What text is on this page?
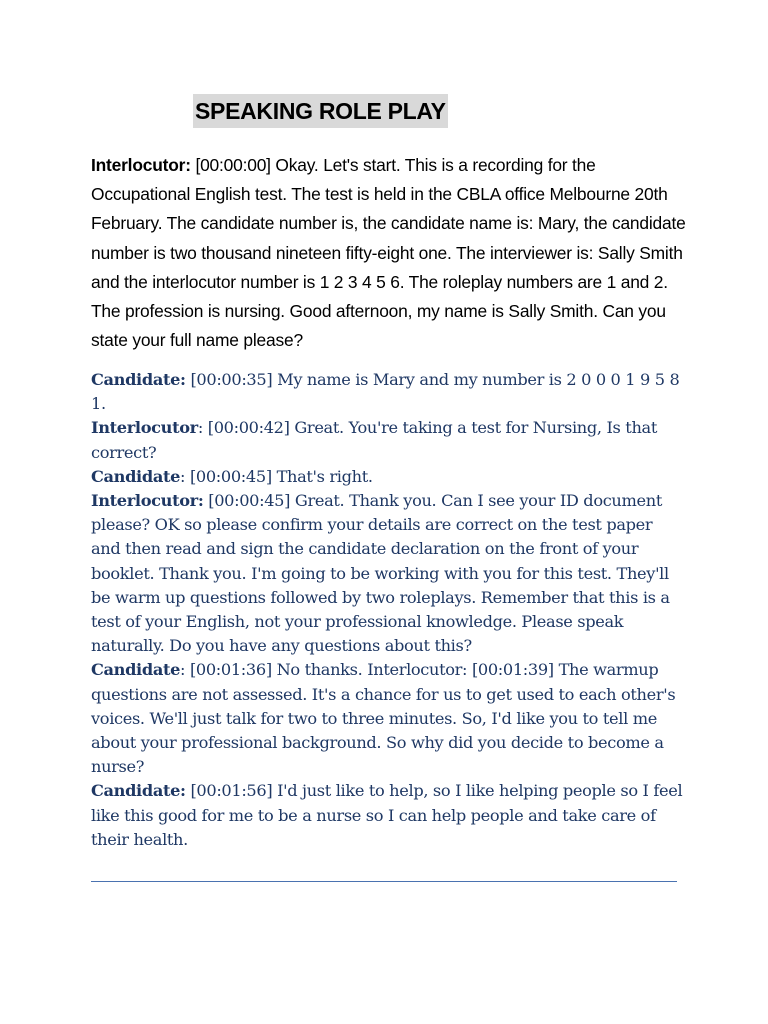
SPEAKING ROLE PLAY
Interlocutor: [00:00:00] Okay. Let's start. This is a recording for the Occupational English test. The test is held in the CBLA office Melbourne 20th February. The candidate number is, the candidate name is: Mary, the candidate number is two thousand nineteen fifty-eight one. The interviewer is: Sally Smith and the interlocutor number is 1 2 3 4 5 6. The roleplay numbers are 1 and 2. The profession is nursing. Good afternoon, my name is Sally Smith. Can you state your full name please?

Candidate: [00:00:35] My name is Mary and my number is 2 0 0 0 1 9 5 8 1.

Interlocutor: [00:00:42] Great. You're taking a test for Nursing, Is that correct?

Candidate: [00:00:45] That's right.

Interlocutor: [00:00:45] Great. Thank you. Can I see your ID document please? OK so please confirm your details are correct on the test paper and then read and sign the candidate declaration on the front of your booklet. Thank you. I'm going to be working with you for this test. They'll be warm up questions followed by two roleplays. Remember that this is a test of your English, not your professional knowledge. Please speak naturally. Do you have any questions about this?

Candidate: [00:01:36] No thanks. Interlocutor: [00:01:39] The warmup questions are not assessed. It's a chance for us to get used to each other's voices. We'll just talk for two to three minutes. So, I'd like you to tell me about your professional background. So why did you decide to become a nurse?

Candidate: [00:01:56] I'd just like to help, so I like helping people so I feel like this good for me to be a nurse so I can help people and take care of their health.
